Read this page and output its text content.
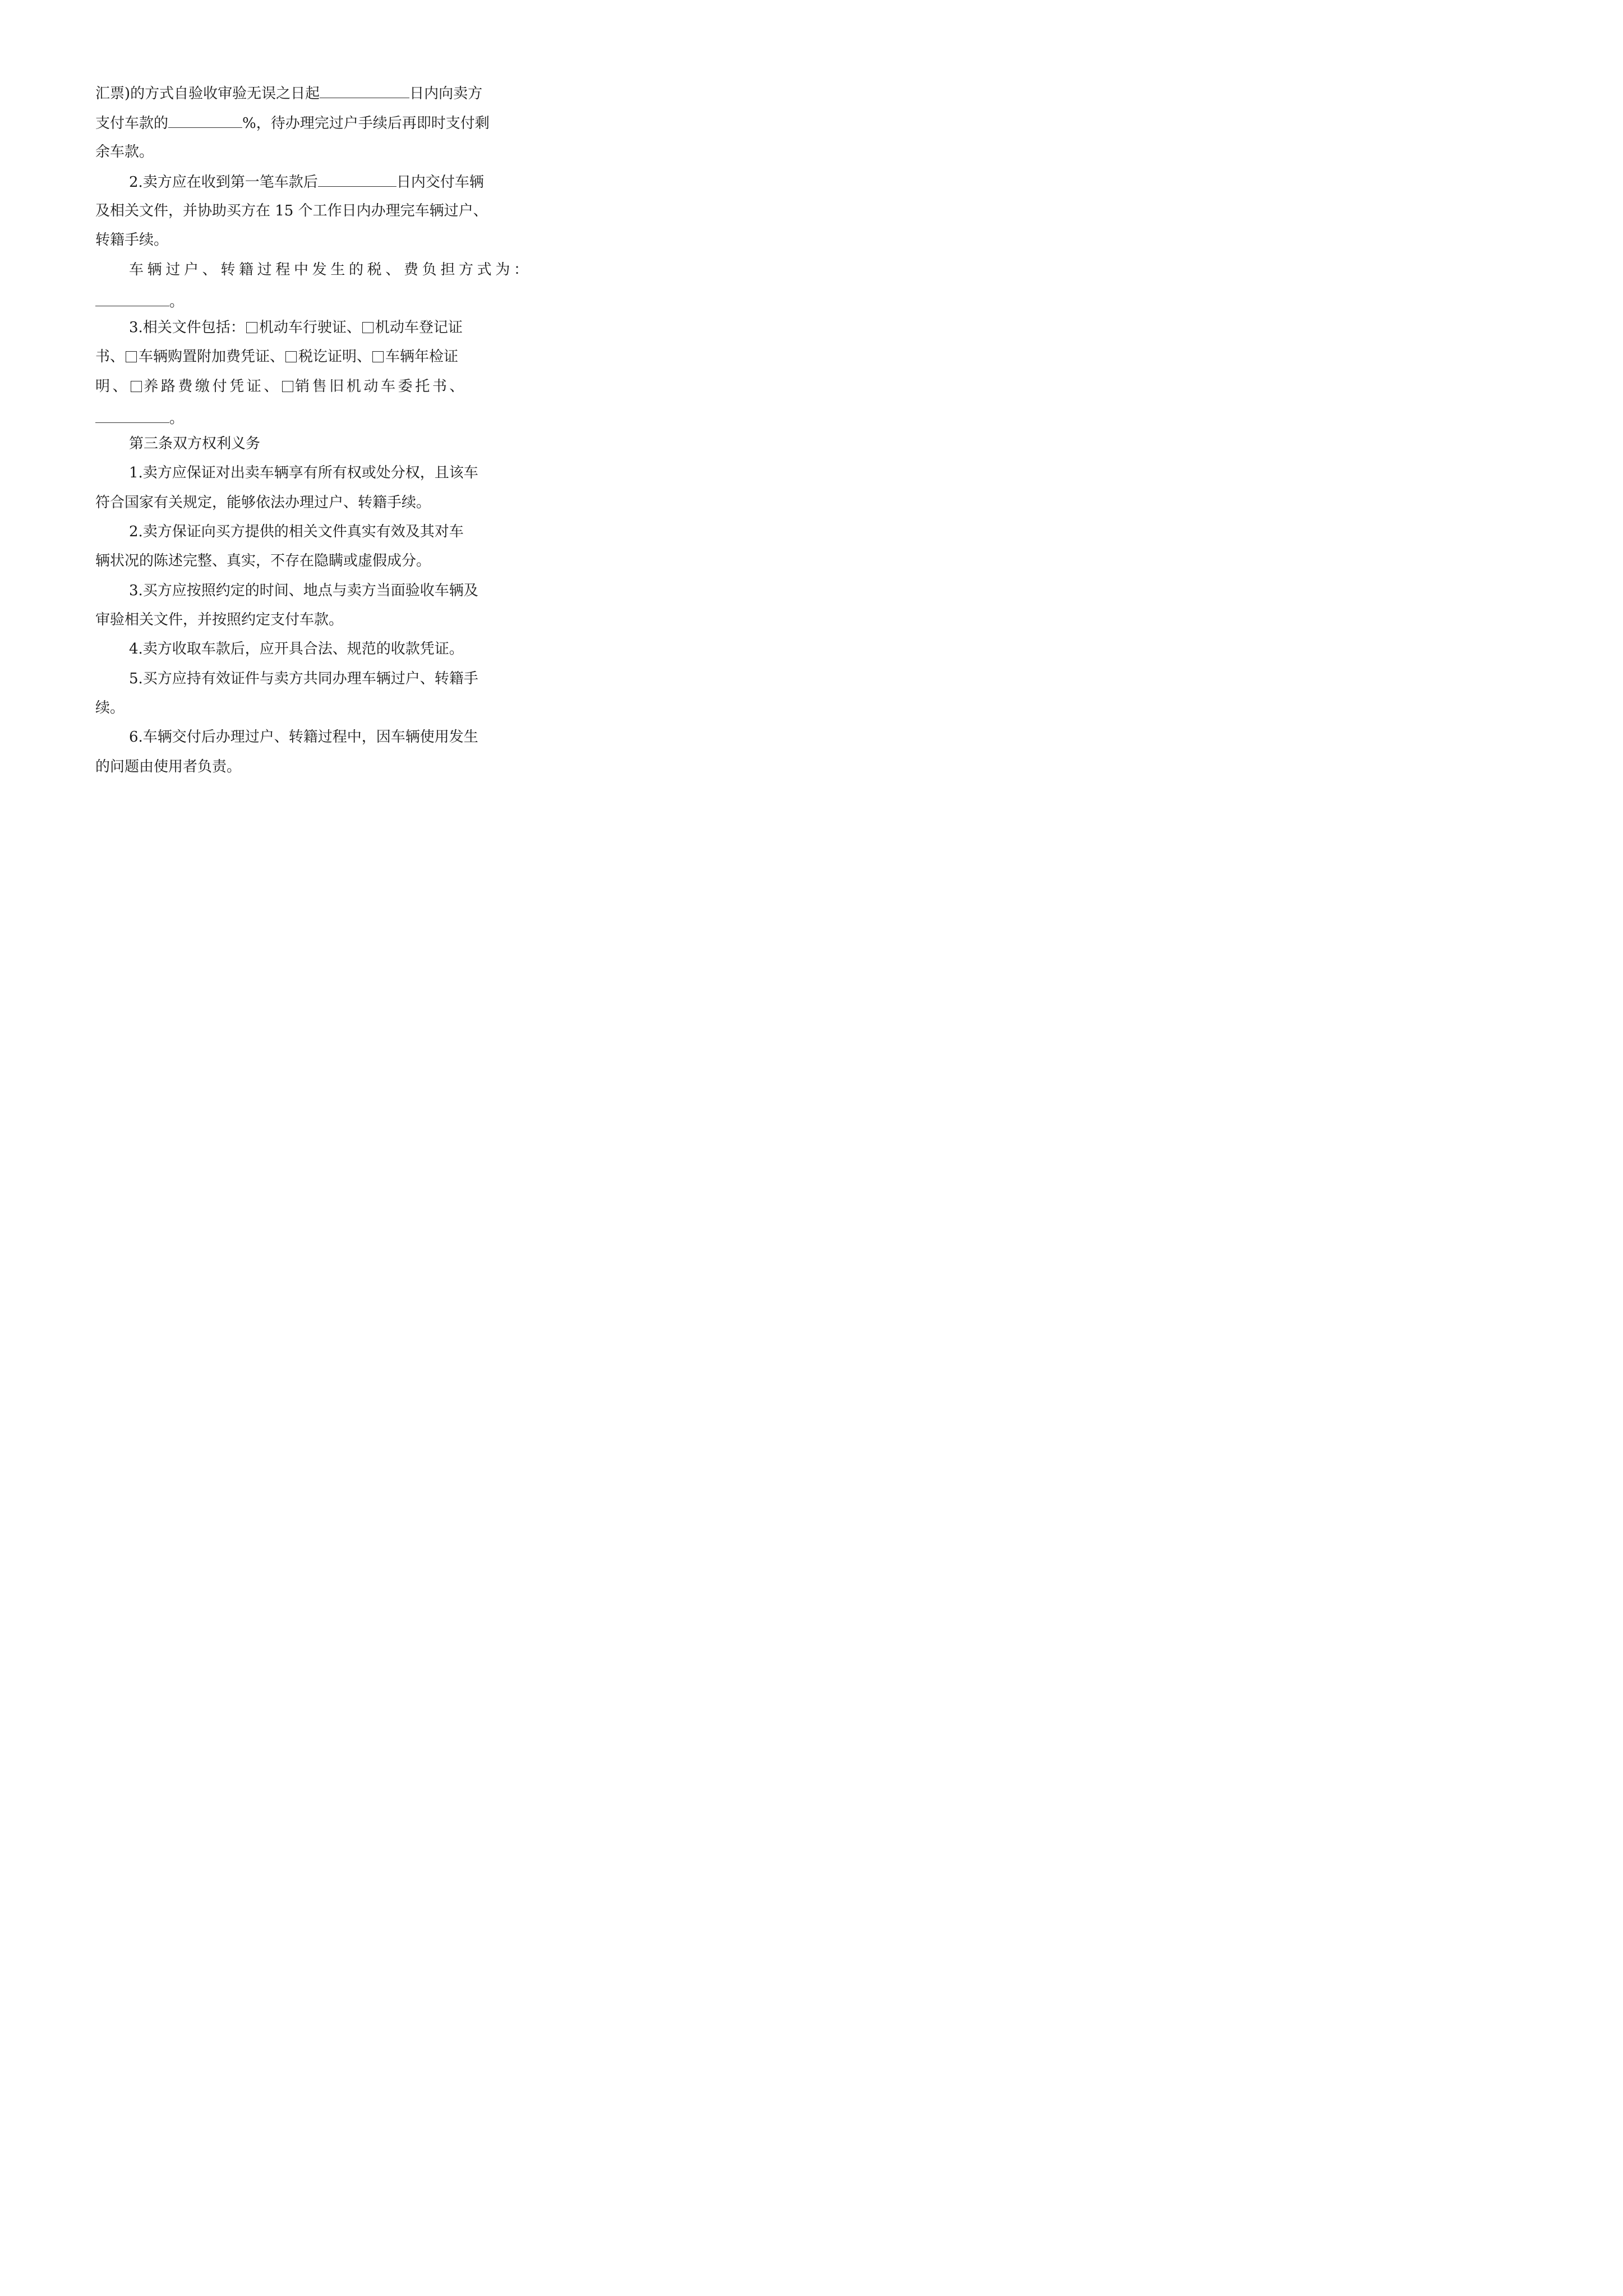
汇票)的方式自验收审验无误之日起	日内向卖方
支付车款的	%，待办理完过户手续后再即时支付剩
余车款。
2.卖方应在收到第一笔车款后	日内交付车辆
及相关文件，并协助买方在 15 个工作日内办理完车辆过户、
转籍手续。
车辆过户、转籍过程中发生的税、费负担方式为：
。
3.相关文件包括： 机动车行驶证、 机动车登记证
书、 车辆购置附加费凭证、 税讫证明、 车辆年检证
明、 养路费缴付凭证、 销售旧机动车委托书、
。
第三条双方权利义务
1.卖方应保证对出卖车辆享有所有权或处分权，且该车
符合国家有关规定，能够依法办理过户、转籍手续。
2.卖方保证向买方提供的相关文件真实有效及其对车
辆状况的陈述完整、真实，不存在隐瞒或虚假成分。
3.买方应按照约定的时间、地点与卖方当面验收车辆及
审验相关文件，并按照约定支付车款。
4.卖方收取车款后，应开具合法、规范的收款凭证。
5.买方应持有效证件与卖方共同办理车辆过户、转籍手
续。
6.车辆交付后办理过户、转籍过程中，因车辆使用发生
的问题由使用者负责。
